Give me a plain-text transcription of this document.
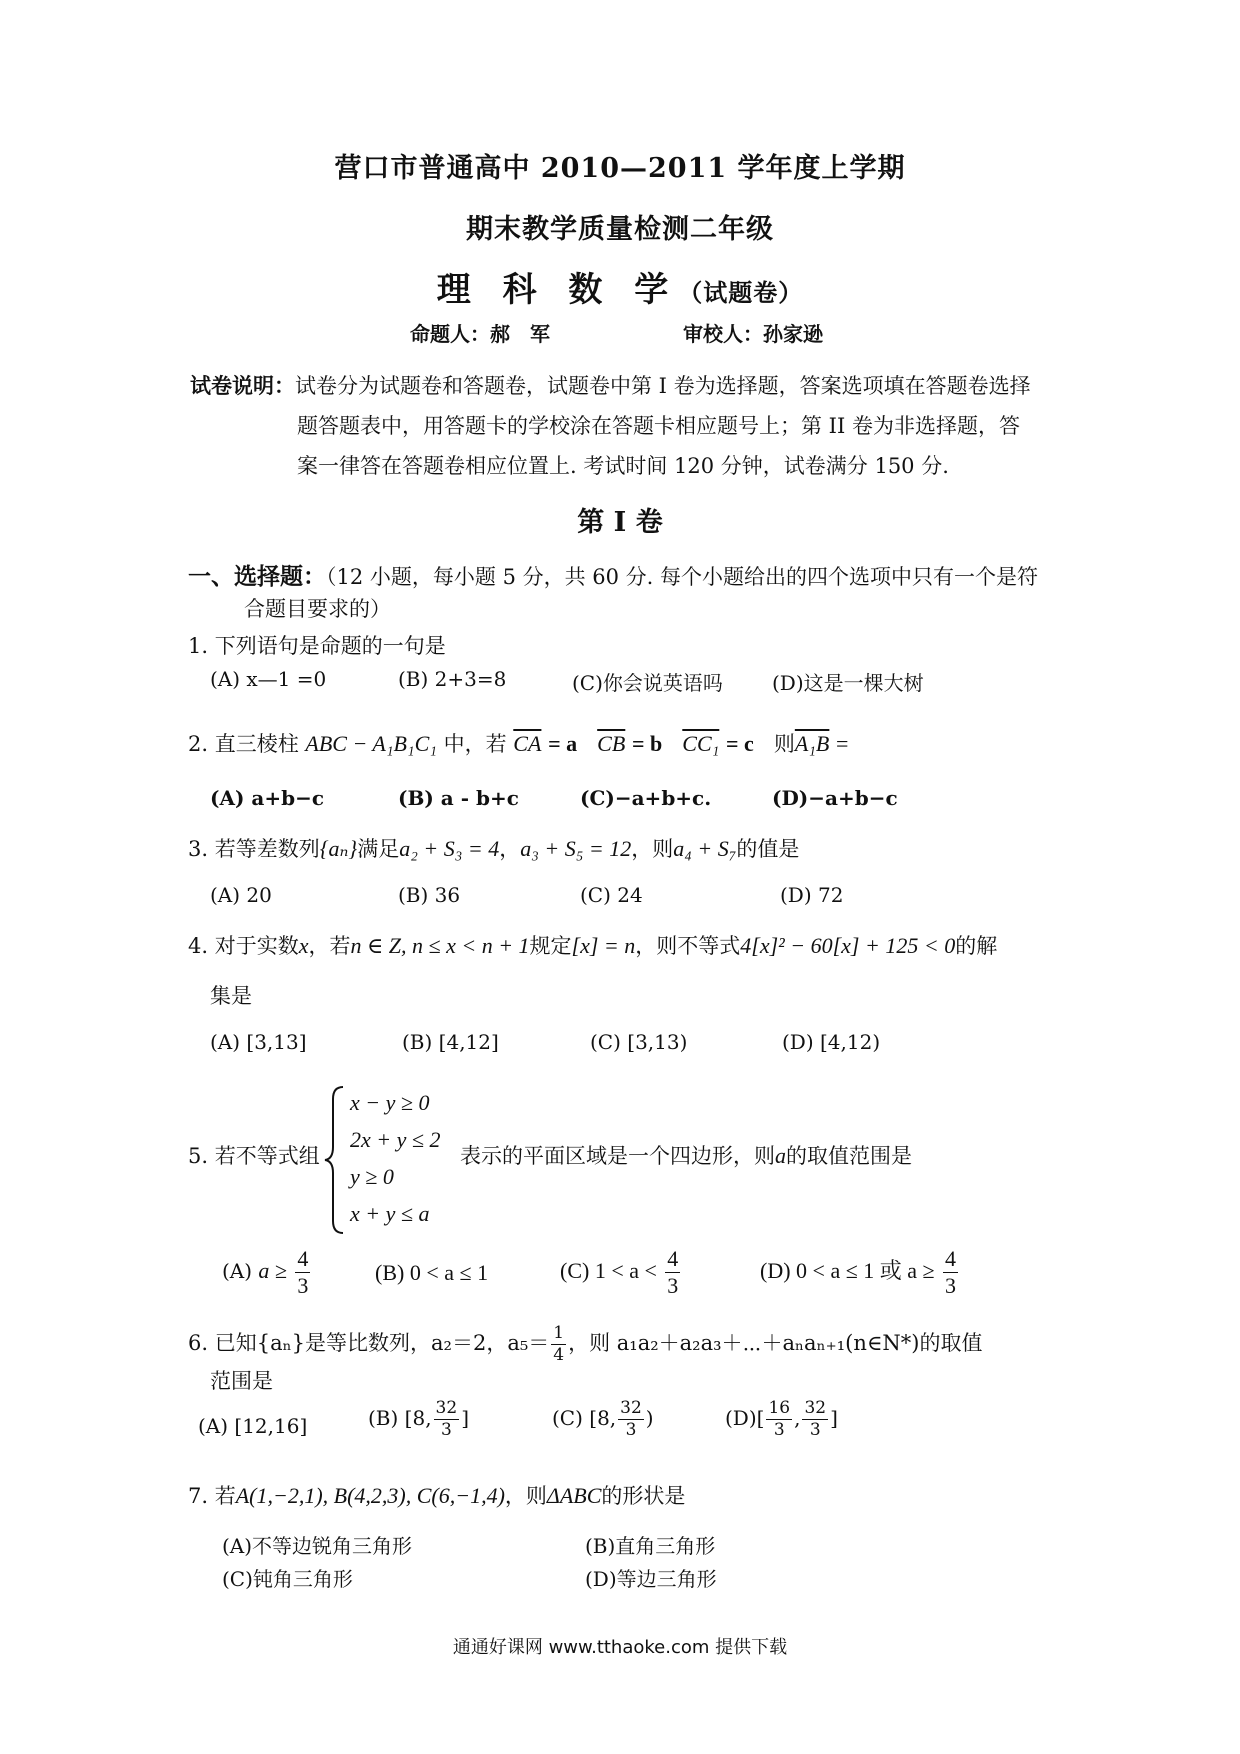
营口市普通高中 2010—2011 学年度上学期
期末教学质量检测二年级
理 科 数 学（试题卷）
命题人：郝　军	审校人：孙家逊
试卷说明：试卷分为试题卷和答题卷，试题卷中第 I 卷为选择题，答案选项填在答题卷选择
题答题表中，用答题卡的学校涂在答题卡相应题号上；第 II 卷为非选择题，答
案一律答在答题卷相应位置上. 考试时间 120 分钟，试卷满分 150 分.
第 I 卷
一、选择题：（12 小题，每小题 5 分，共 60 分. 每个小题给出的四个选项中只有一个是符
合题目要求的）
1. 下列语句是命题的一句是
(A) x—1 =0	(B) 2+3=8	(C)你会说英语吗 (D)这是一棵大树
2. 直三棱柱 ABC − A₁B₁C₁ 中，若 $\overline{CA} = a$ $\overline{CB} = b$ CC₁ = c 则A₁B =
(A) a+b−c	(B) a - b+c	(C)−a+b+c.	(D)−a+b−c
3. 若等差数列{aₙ}满足a₂ + S₃ = 4，a₃ + S₅ = 12，则a₄ + S₇的值是
(A) 20	(B) 36	(C) 24	(D) 72
4. 对于实数x，若n ∈ Z, n ≤ x < n + 1规定[x] = n，则不等式4[x]² − 60[x] + 125 < 0的解
集是
(A) [3,13]	(B) [4,12]	(C) [3,13)	(D) [4,12)
5. 若不等式组
x − y ≥ 0
2x + y ≤ 2
y ≥ 0
x + y ≤ a
表示的平面区域是一个四边形，则a的取值范围是
(A) $a \ge \frac{4}{3}$	(B) 0 < a ≤ 1	(C) $1 < a < \frac{4}{3}$	(D) 0 < a ≤ 1 或 $a \ge \frac{4}{3}$
6. 已知{aₙ}是等比数列，a₂＝2，$a_5= \frac{1}{4}$ ，则 a₁a₂＋a₂a₃＋⋯＋aₙaₙ₊₁(n∈N*)的取值
范围是
(A) [12,16]	(B) [8, $\frac{32}{3}$ ]	(C) [8, $\frac{32}{3}$ )	$(D)[ \frac{16}{3}$ , $\frac{32}{3}$ ]
7. 若A(1,−2,1), B(4,2,3), C(6,−1,4)，则ΔABC的形状是
(A)不等边锐角三角形	(B)直角三角形
(C)钝角三角形	(D)等边三角形
通通好课网 www.tthaoke.com 提供下载
